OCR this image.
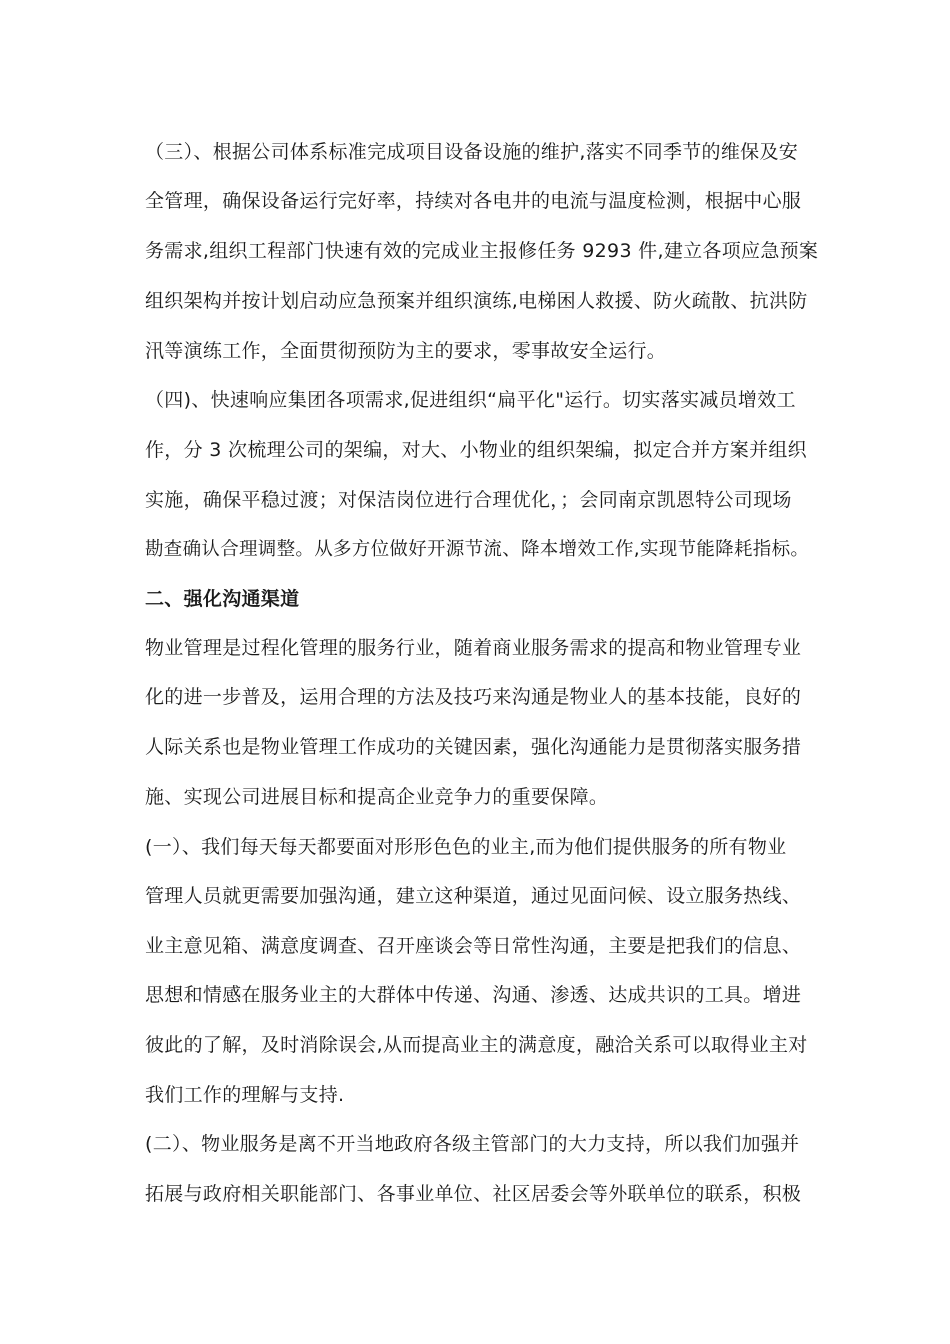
（三）、根据公司体系标准完成项目设备设施的维护,落实不同季节的维保及安
全管理，确保设备运行完好率，持续对各电井的电流与温度检测，根据中心服
务需求,组织工程部门快速有效的完成业主报修任务 9293 件,建立各项应急预案
组织架构并按计划启动应急预案并组织演练,电梯困人救援、防火疏散、抗洪防
汛等演练工作，全面贯彻预防为主的要求，零事故安全运行。
（四)、快速响应集团各项需求,促进组织“扁平化"运行。切实落实减员增效工
作，分 3 次梳理公司的架编，对大、小物业的组织架编，拟定合并方案并组织
实施，确保平稳过渡；对保洁岗位进行合理优化，；会同南京凯恩特公司现场
勘查确认合理调整。从多方位做好开源节流、降本增效工作,实现节能降耗指标。
二、强化沟通渠道
物业管理是过程化管理的服务行业，随着商业服务需求的提高和物业管理专业
化的进一步普及，运用合理的方法及技巧来沟通是物业人的基本技能，良好的
人际关系也是物业管理工作成功的关键因素，强化沟通能力是贯彻落实服务措
施、实现公司进展目标和提高企业竞争力的重要保障。
(一）、我们每天每天都要面对形形色色的业主,而为他们提供服务的所有物业
管理人员就更需要加强沟通，建立这种渠道，通过见面问候、设立服务热线、
业主意见箱、满意度调查、召开座谈会等日常性沟通，主要是把我们的信息、
思想和情感在服务业主的大群体中传递、沟通、渗透、达成共识的工具。增进
彼此的了解，及时消除误会,从而提高业主的满意度，融洽关系可以取得业主对
我们工作的理解与支持.
(二）、物业服务是离不开当地政府各级主管部门的大力支持，所以我们加强并
拓展与政府相关职能部门、各事业单位、社区居委会等外联单位的联系，积极
